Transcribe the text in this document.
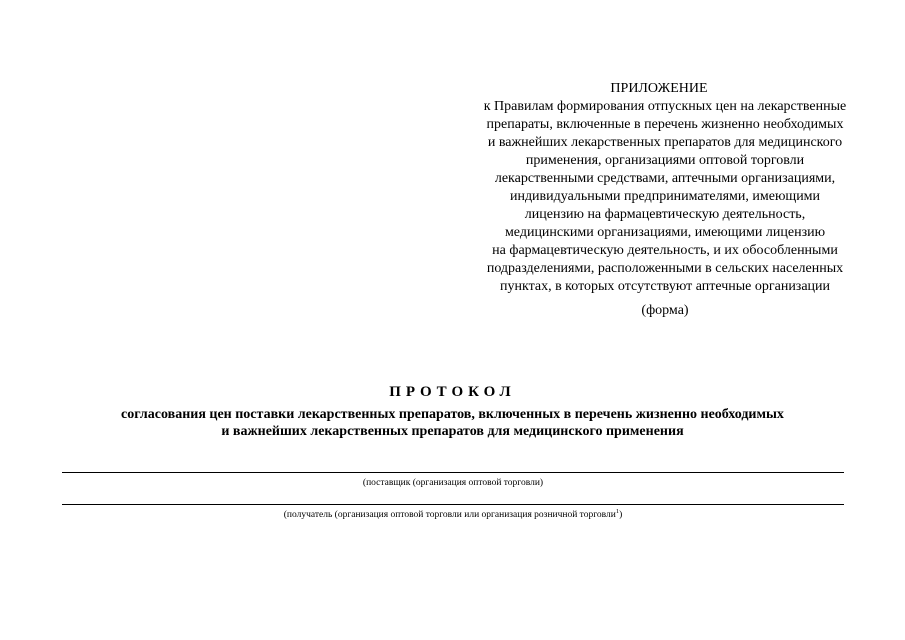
ПРИЛОЖЕНИЕ
к Правилам формирования отпускных цен на лекарственные
препараты, включенные в перечень жизненно необходимых
и важнейших лекарственных препаратов для медицинского
применения, организациями оптовой торговли
лекарственными средствами, аптечными организациями,
индивидуальными предпринимателями, имеющими
лицензию на фармацевтическую деятельность,
медицинскими организациями, имеющими лицензию
на фармацевтическую деятельность, и их обособленными
подразделениями, расположенными в сельских населенных
пунктах, в которых отсутствуют аптечные организации
(форма)
ПРОТОКОЛ
согласования цен поставки лекарственных препаратов, включенных в перечень жизненно необходимых
и важнейших лекарственных препаратов для медицинского применения
(поставщик (организация оптовой торговли)
(получатель (организация оптовой торговли или организация розничной торговли$^1$)
